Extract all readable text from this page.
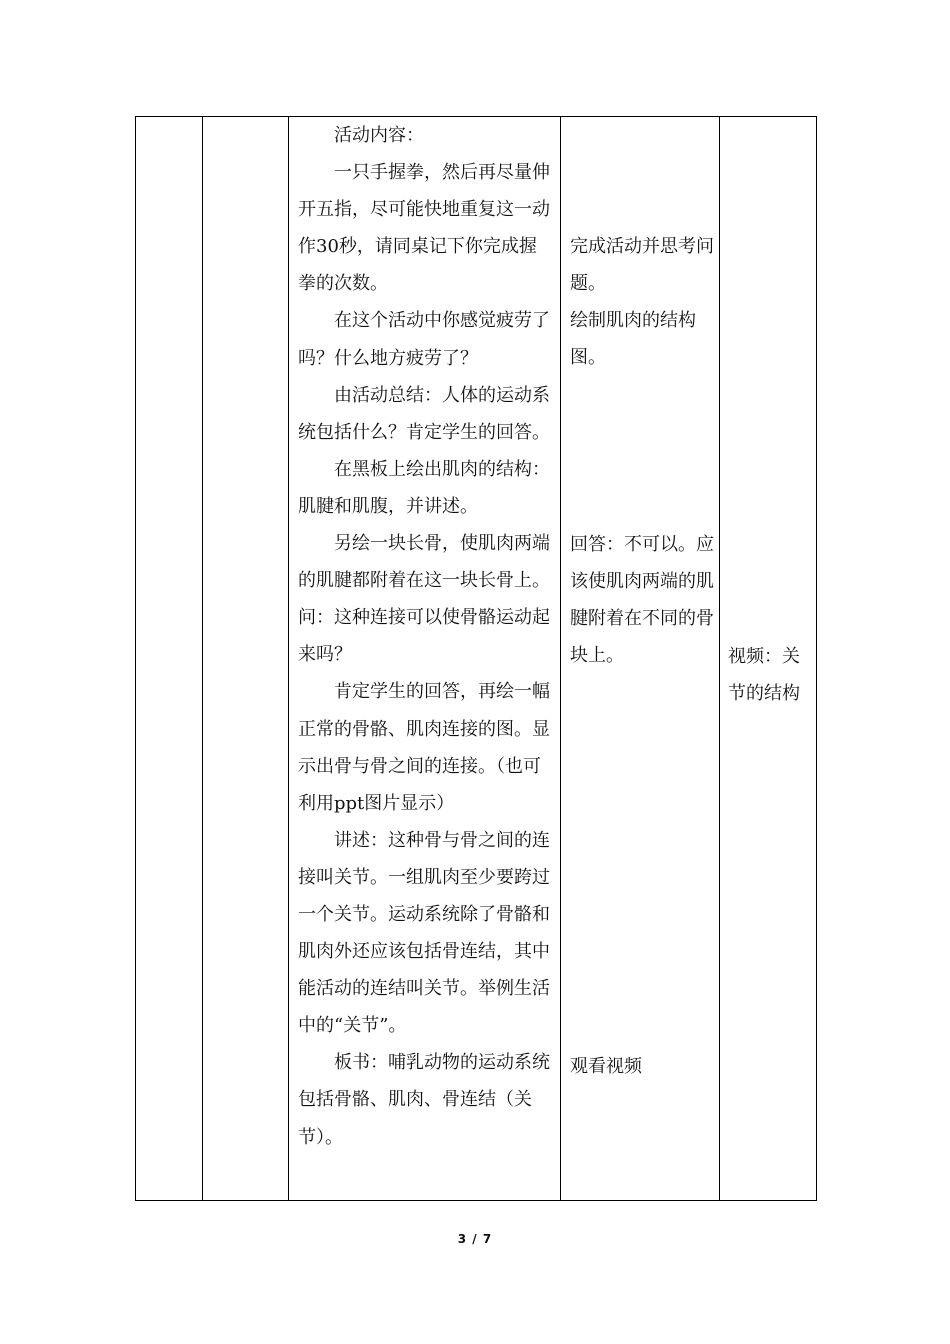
活动内容：

一只手握拳，然后再尽量伸开五指，尽可能快地重复这一动作30秒，请同桌记下你完成握拳的次数。

在这个活动中你感觉疲劳了吗？什么地方疲劳了？

由活动总结：人体的运动系统包括什么？肯定学生的回答。

在黑板上绘出肌肉的结构：肌腱和肌腹，并讲述。

另绘一块长骨，使肌肉两端的肌腱都附着在这一块长骨上。问：这种连接可以使骨骼运动起来吗？

肯定学生的回答，再绘一幅正常的骨骼、肌肉连接的图。显示出骨与骨之间的连接。（也可利用ppt图片显示）

讲述：这种骨与骨之间的连接叫关节。一组肌肉至少要跨过一个关节。运动系统除了骨骼和肌肉外还应该包括骨连结，其中能活动的连结叫关节。举例生活中的“关节”。

板书：哺乳动物的运动系统包括骨骼、肌肉、骨连结（关节）。

完成活动并思考问题。
绘制肌肉的结构图。
回答：不可以。应该使肌肉两端的肌腱附着在不同的骨块上。
观看视频
视频：关节的结构
3 / 7
